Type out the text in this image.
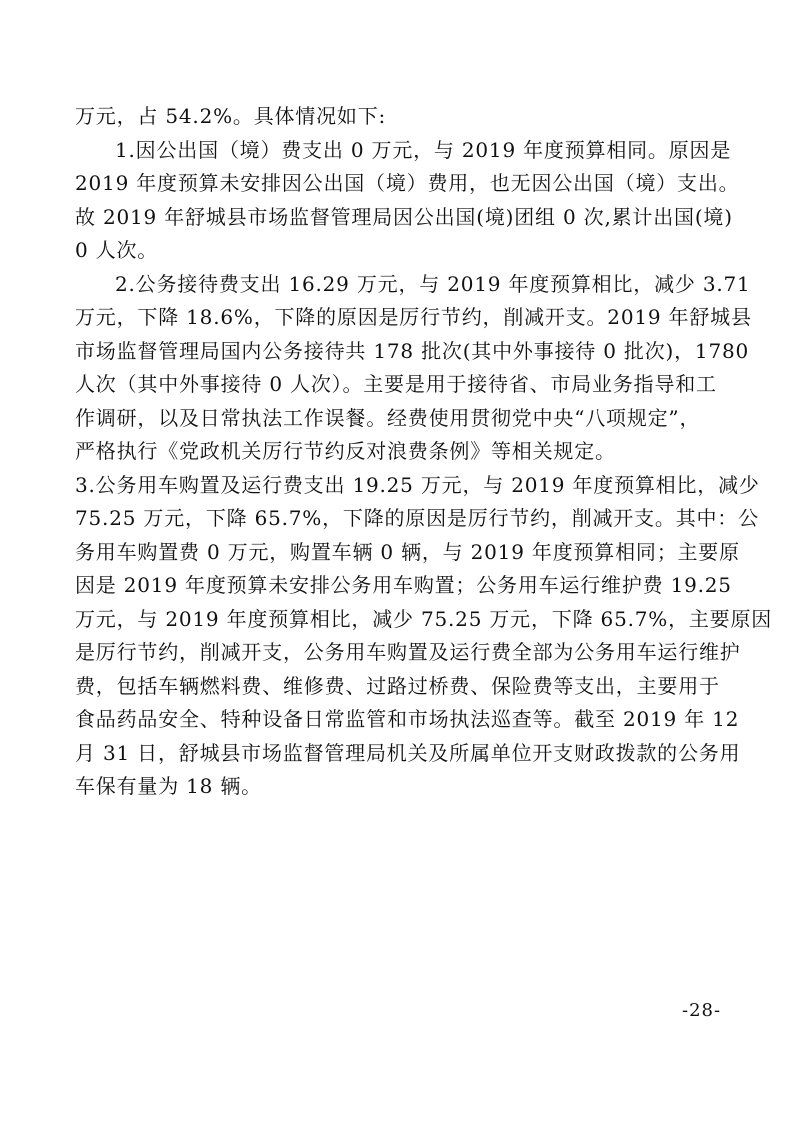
万元，占 54.2%。具体情况如下:
1.因公出国（境）费支出 0 万元，与 2019 年度预算相同。原因是
2019 年度预算未安排因公出国（境）费用，也无因公出国（境）支出。
故 2019 年舒城县市场监督管理局因公出国(境)团组 0 次,累计出国(境)
0 人次。
2.公务接待费支出 16.29 万元，与 2019 年度预算相比，减少 3.71
万元，下降 18.6%，下降的原因是厉行节约，削减开支。2019 年舒城县
市场监督管理局国内公务接待共 178 批次(其中外事接待 0 批次)，1780
人次（其中外事接待 0 人次）。主要是用于接待省、市局业务指导和工
作调研，以及日常执法工作误餐。经费使用贯彻党中央“八项规定”，
严格执行《党政机关厉行节约反对浪费条例》等相关规定。
3.公务用车购置及运行费支出 19.25 万元，与 2019 年度预算相比，减少
75.25 万元，下降 65.7%，下降的原因是厉行节约，削减开支。其中：公
务用车购置费 0 万元，购置车辆 0 辆，与 2019 年度预算相同；主要原
因是 2019 年度预算未安排公务用车购置；公务用车运行维护费 19.25
万元，与 2019 年度预算相比，减少 75.25 万元，下降 65.7%，主要原因
是厉行节约，削减开支，公务用车购置及运行费全部为公务用车运行维护
费，包括车辆燃料费、维修费、过路过桥费、保险费等支出，主要用于
食品药品安全、特种设备日常监管和市场执法巡查等。截至 2019 年 12
月 31 日，舒城县市场监督管理局机关及所属单位开支财政拨款的公务用
车保有量为 18 辆。
-28-
